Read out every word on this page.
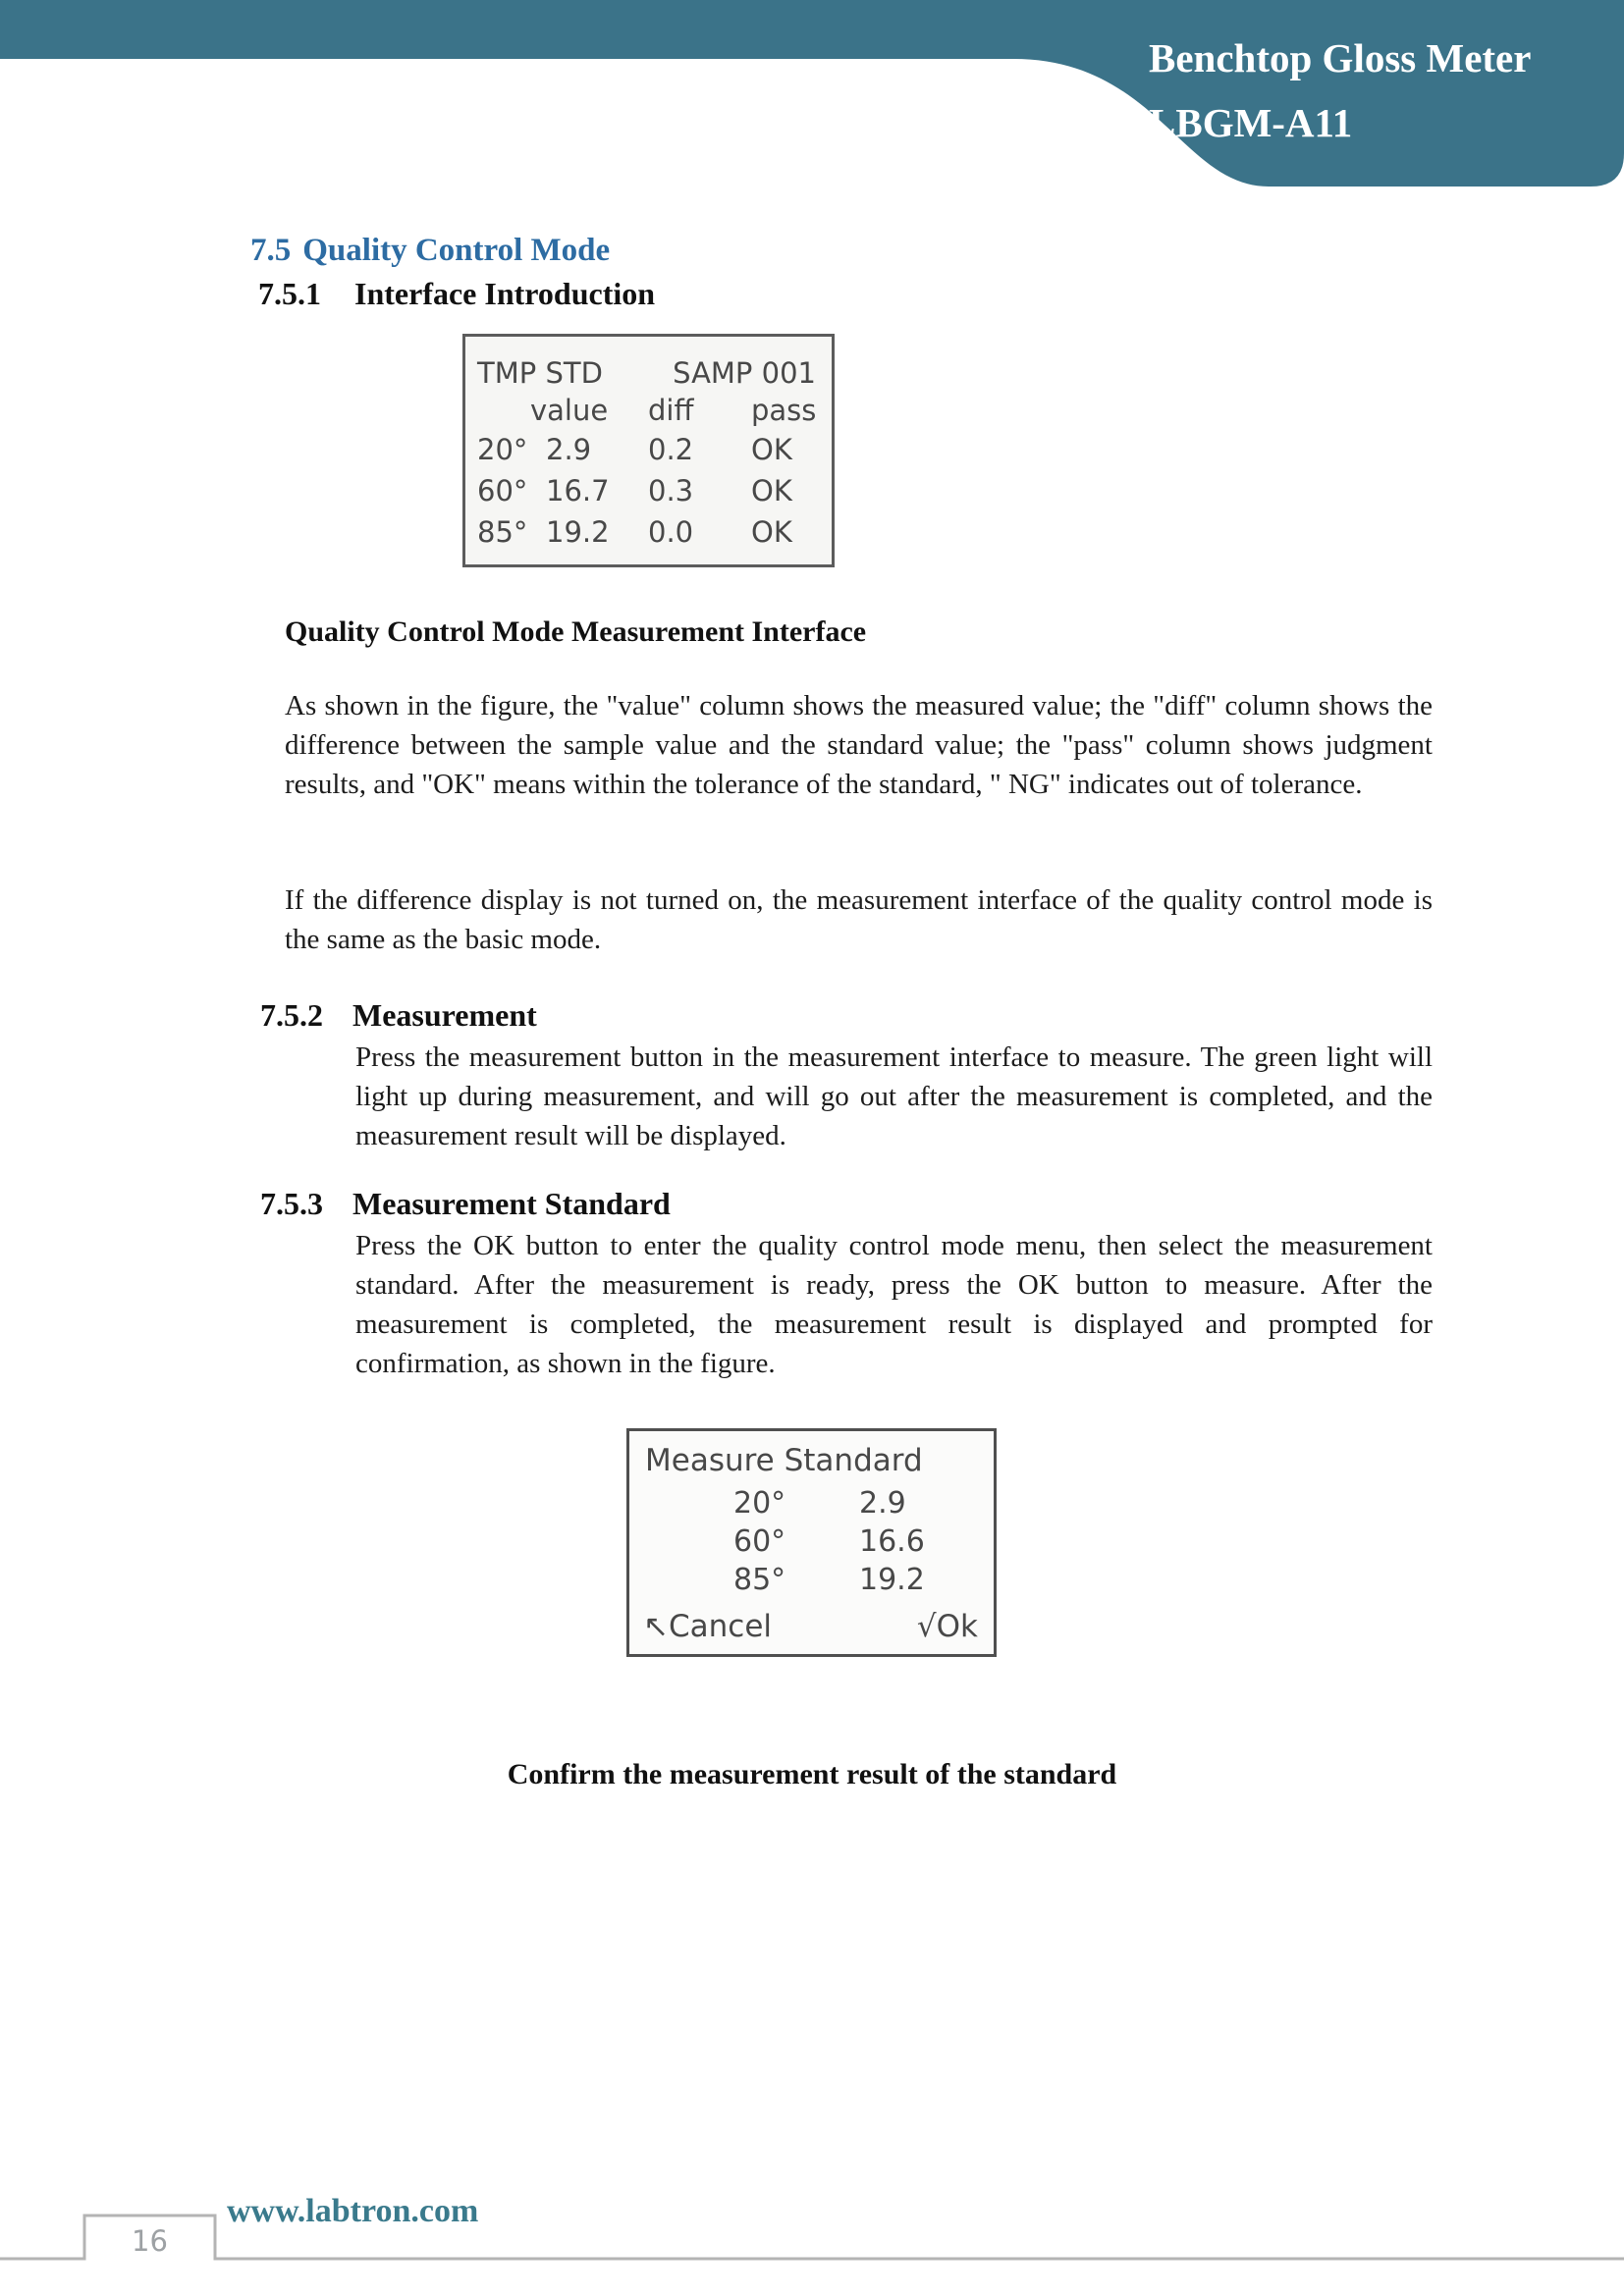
Benchtop Gloss Meter
LBGM-A11
7.5 Quality Control Mode
7.5.1 Interface Introduction
TMP STD SAMP 001
value	diff	pass
20° 2.9	0.2	OK
60° 16.7	0.3	OK
85° 19.2	0.0	OK
Quality Control Mode Measurement Interface
As shown in the figure, the "value" column shows the measured value; the "diff" column shows the difference between the sample value and the standard value; the "pass" column shows judgment results, and "OK" means within the tolerance of the standard, " NG" indicates out of tolerance.
If the difference display is not turned on, the measurement interface of the quality control mode is the same as the basic mode.
7.5.2 Measurement
Press the measurement button in the measurement interface to measure. The green light will light up during measurement, and will go out after the measurement is completed, and the measurement result will be displayed.
7.5.3 Measurement Standard
Press the OK button to enter the quality control mode menu, then select the measurement standard. After the measurement is ready, press the OK button to measure. After the measurement is completed, the measurement result is displayed and prompted for confirmation, as shown in the figure.
Measure Standard
20° 2.9
60° 16.6
85° 19.2
↖Cancel	√Ok
Confirm the measurement result of the standard
16
www.labtron.com
